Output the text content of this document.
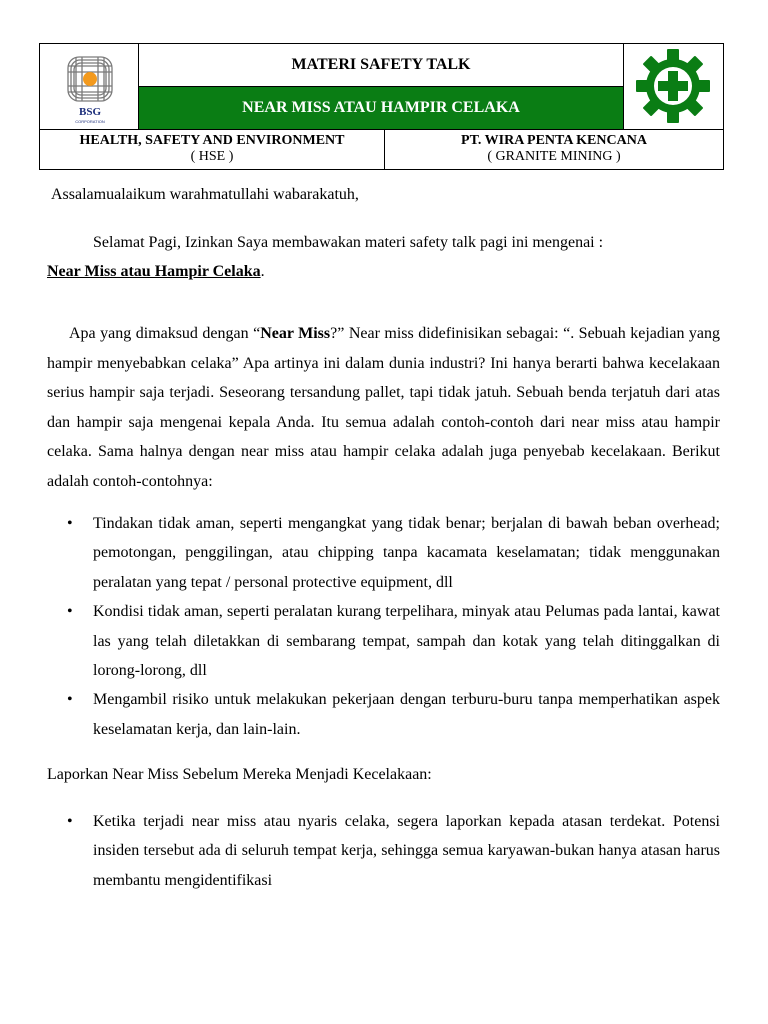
BSG
CORPORATION
MATERI SAFETY TALK
NEAR MISS ATAU HAMPIR CELAKA
HEALTH, SAFETY AND ENVIRONMENT
( HSE )
PT. WIRA PENTA KENCANA
( GRANITE MINING )

Assalamualaikum warahmatullahi wabarakatuh,

Selamat Pagi, Izinkan Saya membawakan materi safety talk pagi ini mengenai :

Near Miss atau Hampir Celaka.

Apa yang dimaksud dengan “Near Miss?” Near miss didefinisikan sebagai: “. Sebuah kejadian yang hampir menyebabkan celaka” Apa artinya ini dalam dunia industri? Ini hanya berarti bahwa kecelakaan serius hampir saja terjadi. Seseorang tersandung pallet, tapi tidak jatuh. Sebuah benda terjatuh dari atas dan hampir saja mengenai kepala Anda. Itu semua adalah contoh-contoh dari near miss atau hampir celaka. Sama halnya dengan near miss atau hampir celaka adalah juga penyebab kecelakaan. Berikut adalah contoh-contohnya:

• Tindakan tidak aman, seperti mengangkat yang tidak benar; berjalan di bawah beban overhead; pemotongan, penggilingan, atau chipping tanpa kacamata keselamatan; tidak menggunakan peralatan yang tepat / personal protective equipment, dll
• Kondisi tidak aman, seperti peralatan kurang terpelihara, minyak atau Pelumas pada lantai, kawat las yang telah diletakkan di sembarang tempat, sampah dan kotak yang telah ditinggalkan di lorong-lorong, dll
• Mengambil risiko untuk melakukan pekerjaan dengan terburu-buru tanpa memperhatikan aspek keselamatan kerja, dan lain-lain.

Laporkan Near Miss Sebelum Mereka Menjadi Kecelakaan:

• Ketika terjadi near miss atau nyaris celaka, segera laporkan kepada atasan terdekat. Potensi insiden tersebut ada di seluruh tempat kerja, sehingga semua karyawan-bukan hanya atasan harus membantu mengidentifikasi
